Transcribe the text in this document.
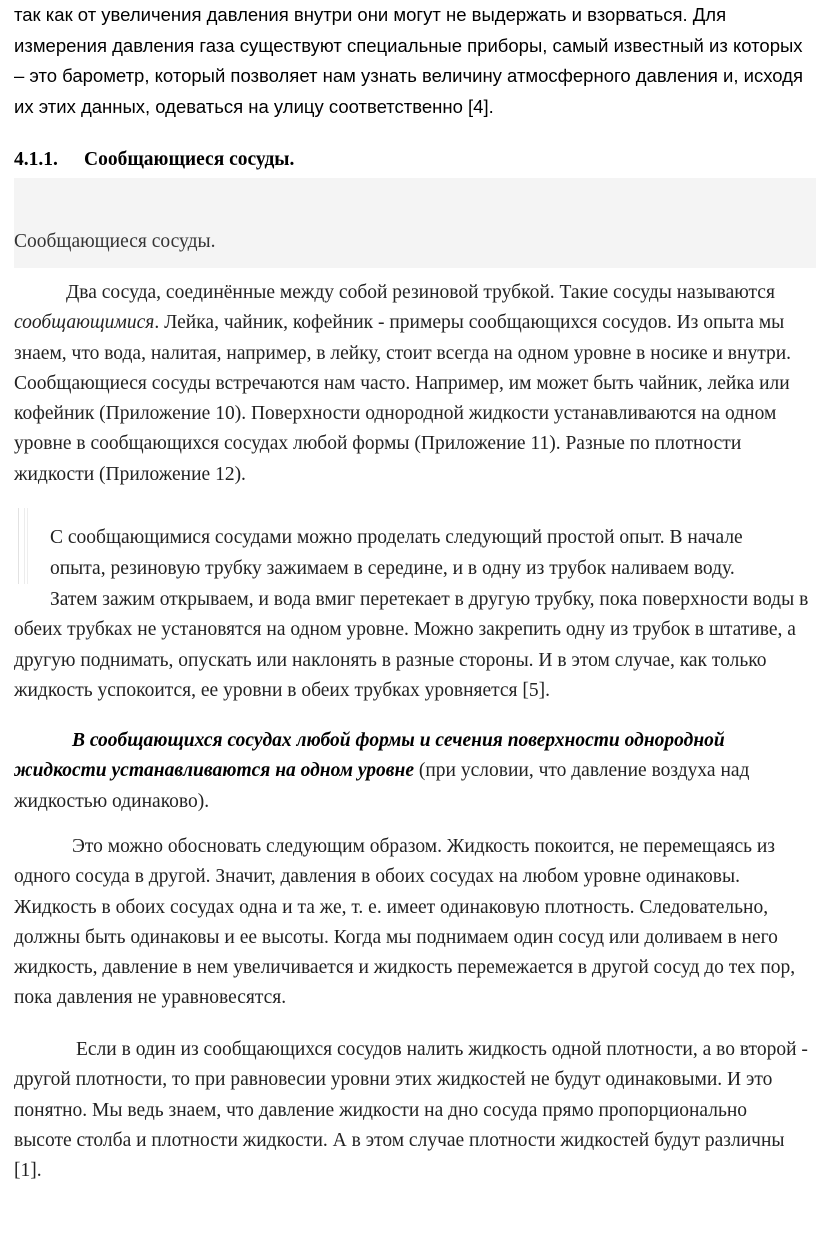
так как от увеличения давления внутри они могут не выдержать и взорваться. Для измерения давления газа существуют специальные приборы, самый известный из которых – это барометр, который позволяет нам узнать величину атмосферного давления и, исходя их этих данных, одеваться на улицу соответственно [4].

4.1.1. Сообщающиеся сосуды.
Сообщающиеся сосуды.

Два сосуда, соединённые между собой резиновой трубкой. Такие сосуды называются сообщающимися. Лейка, чайник, кофейник - примеры сообщающихся сосудов. Из опыта мы знаем, что вода, налитая, например, в лейку, стоит всегда на одном уровне в носике и внутри. Сообщающиеся сосуды встречаются нам часто. Например, им может быть чайник, лейка или кофейник (Приложение 10). Поверхности однородной жидкости устанавливаются на одном уровне в сообщающихся сосудах любой формы (Приложение 11). Разные по плотности жидкости (Приложение 12).

С сообщающимися сосудами можно проделать следующий простой опыт. В начале

опыта, резиновую трубку зажимаем в середине, и в одну из трубок наливаем воду.

Затем зажим открываем, и вода вмиг перетекает в другую трубку, пока поверхности воды в обеих трубках не установятся на одном уровне. Можно закрепить одну из трубок в штативе, а другую поднимать, опускать или наклонять в разные стороны. И в этом случае, как только жидкость успокоится, ее уровни в обеих трубках уровняется [5].

В сообщающихся сосудах любой формы и сечения поверхности однородной жидкости устанавливаются на одном уровне (при условии, что давление воздуха над жидкостью одинаково).

Это можно обосновать следующим образом. Жидкость покоится, не перемещаясь из одного сосуда в другой. Значит, давления в обоих сосудах на любом уровне одинаковы. Жидкость в обоих сосудах одна и та же, т. е. имеет одинаковую плотность. Следовательно, должны быть одинаковы и ее высоты. Когда мы поднимаем один сосуд или доливаем в него жидкость, давление в нем увеличивается и жидкость перемежается в другой сосуд до тех пор, пока давления не уравновесятся.

Если в один из сообщающихся сосудов налить жидкость одной плотности, а во второй - другой плотности, то при равновесии уровни этих жидкостей не будут одинаковыми. И это понятно. Мы ведь знаем, что давление жидкости на дно сосуда прямо пропорционально высоте столба и плотности жидкости. А в этом случае плотности жидкостей будут различны [1].
